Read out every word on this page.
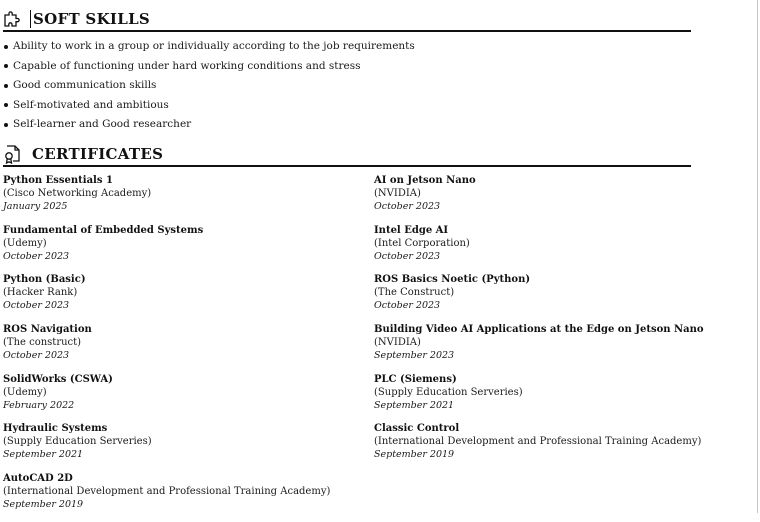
SOFT SKILLS
Ability to work in a group or individually according to the job requirements
Capable of functioning under hard working conditions and stress
Good communication skills
Self-motivated and ambitious
Self-learner and Good researcher
CERTIFICATES
Python Essentials 1
(Cisco Networking Academy)
January 2025
Fundamental of Embedded Systems
(Udemy)
October 2023
Python (Basic)
(Hacker Rank)
October 2023
ROS Navigation
(The construct)
October 2023
SolidWorks (CSWA)
(Udemy)
February 2022
Hydraulic Systems
(Supply Education Serveries)
September 2021
AutoCAD 2D
(International Development and Professional Training Academy)
September 2019
AI on Jetson Nano
(NVIDIA)
October 2023
Intel Edge AI
(Intel Corporation)
October 2023
ROS Basics Noetic (Python)
(The Construct)
October 2023
Building Video AI Applications at the Edge on Jetson Nano
(NVIDIA)
September 2023
PLC (Siemens)
(Supply Education Serveries)
September 2021
Classic Control
(International Development and Professional Training Academy)
September 2019
